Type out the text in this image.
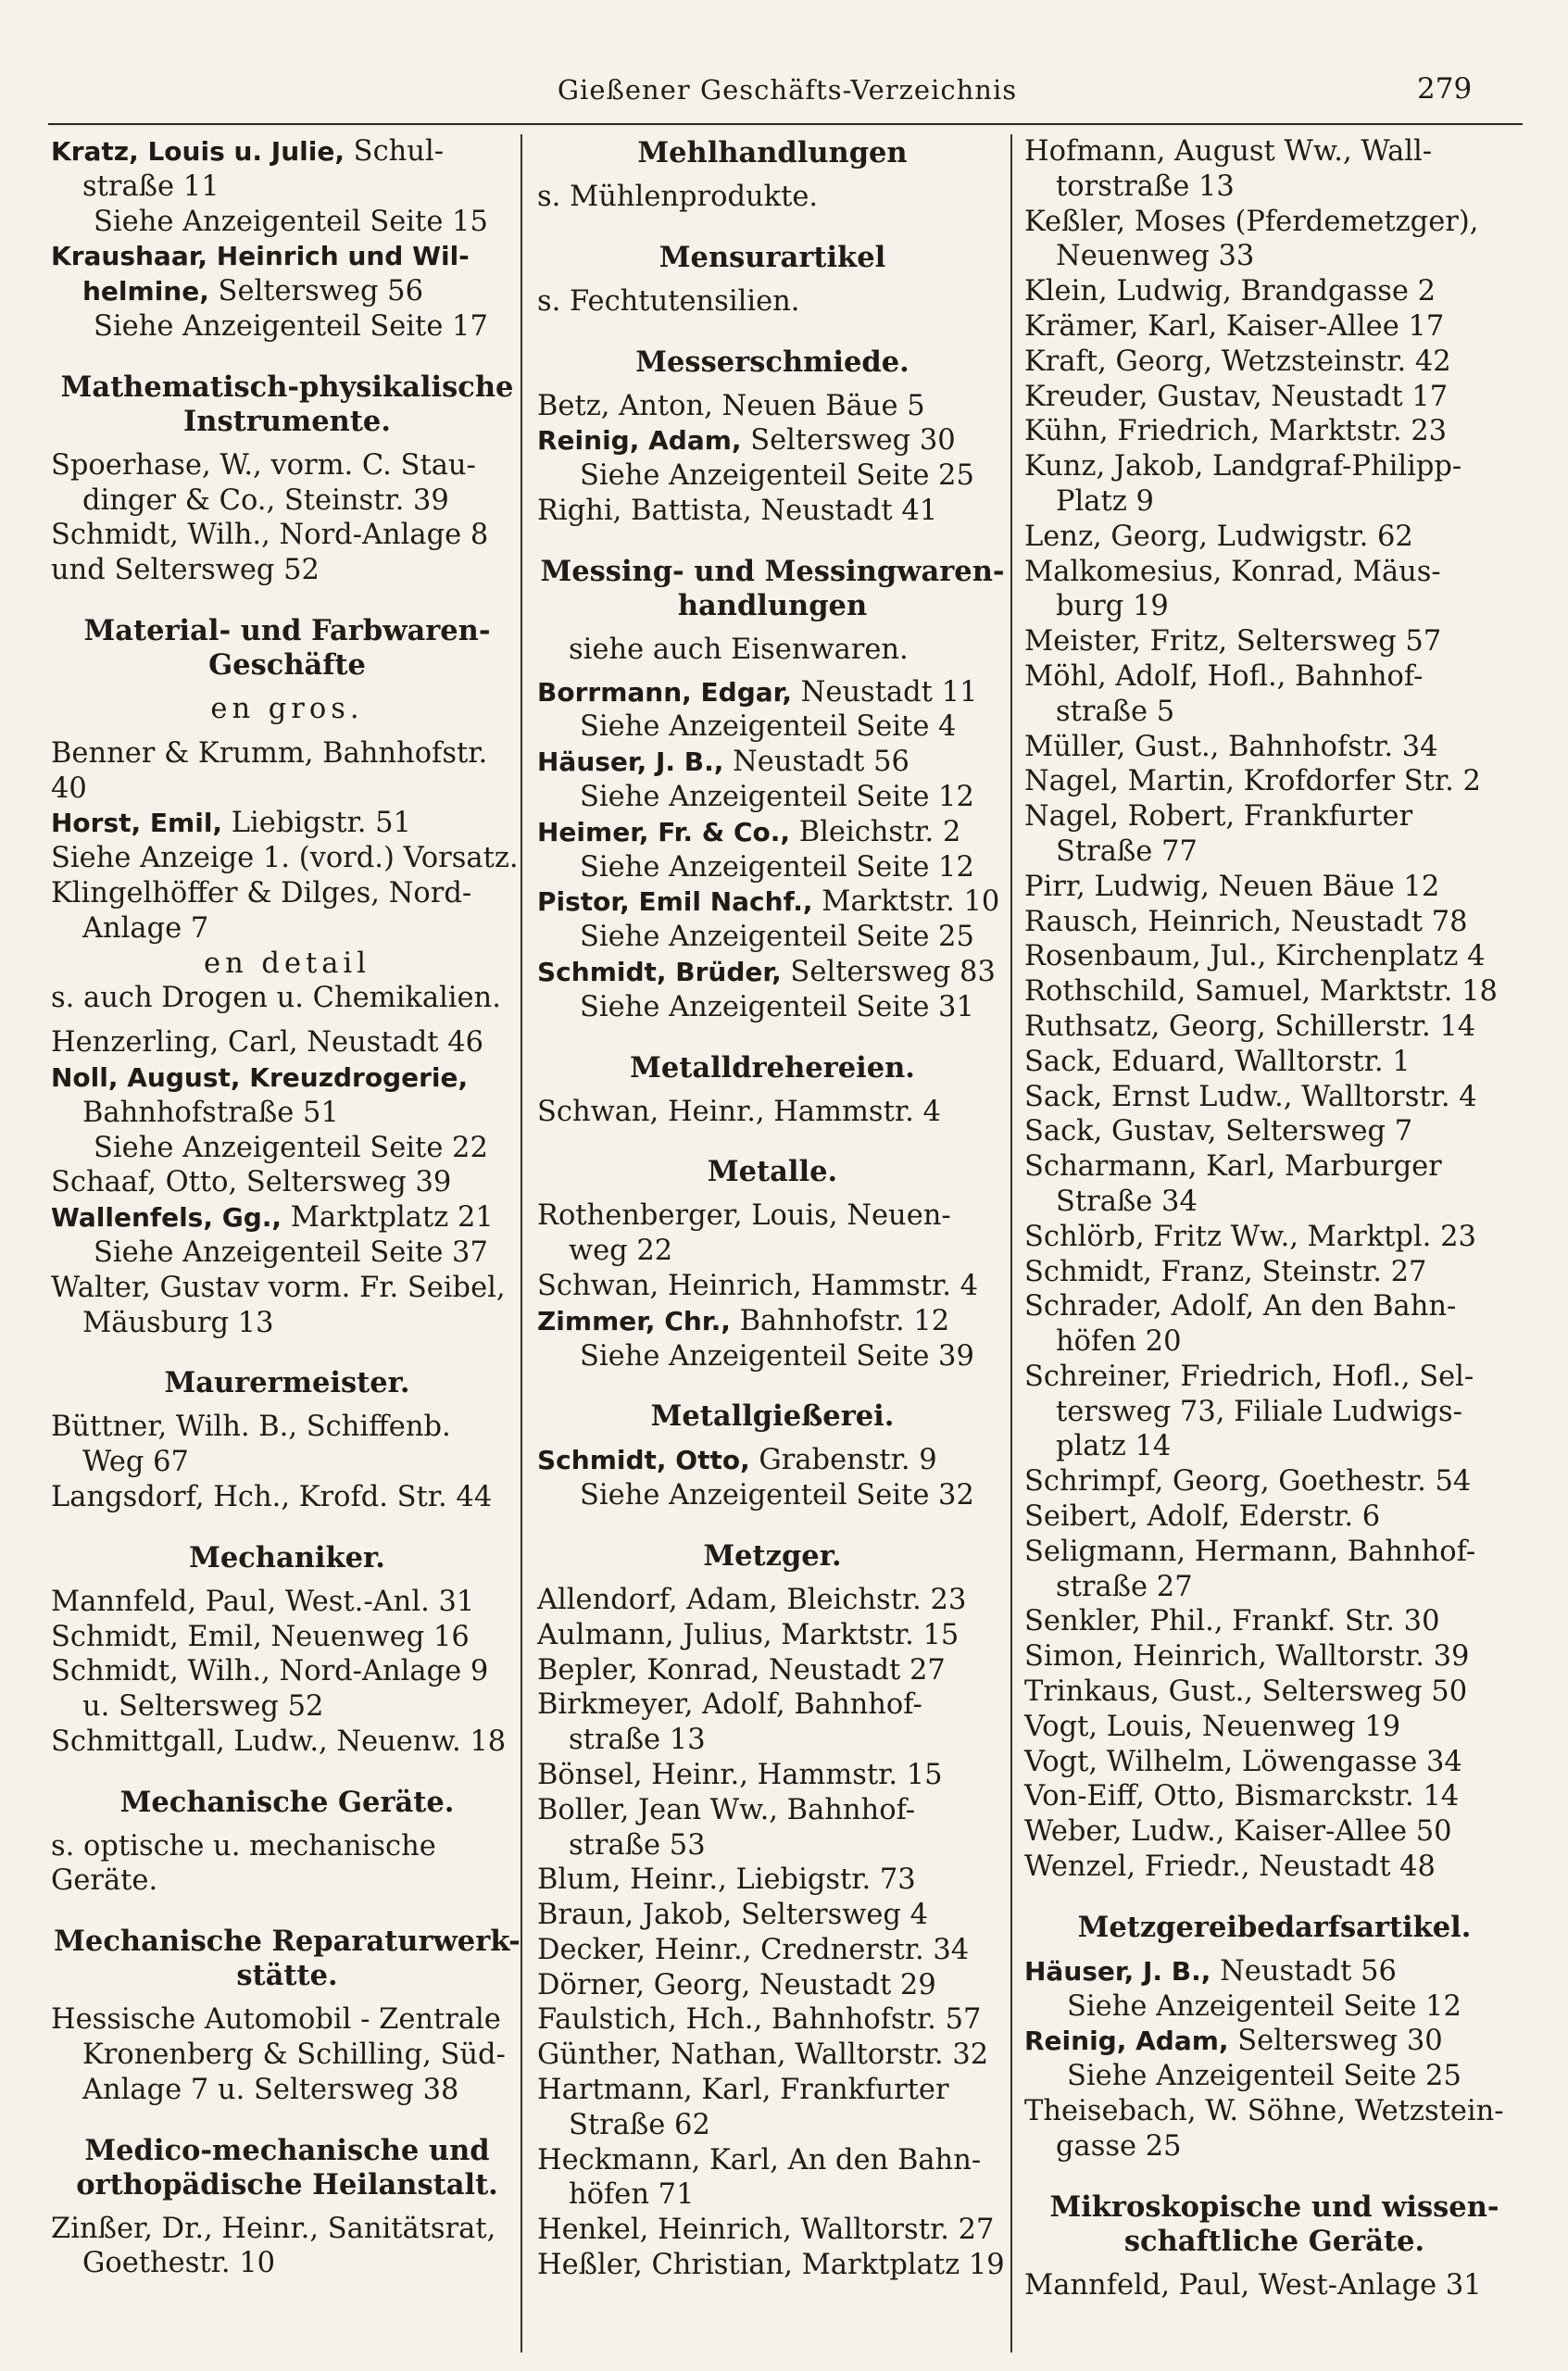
Gießener Geschäfts-Verzeichnis	279

Kratz, Louis u. Julie, Schul-
straße 11
Siehe Anzeigenteil Seite 15

Kraushaar, Heinrich und Wil-
helmine, Seltersweg 56
Siehe Anzeigenteil Seite 17

Mathematisch-physikalische Instrumente.

Spoerhase, W., vorm. C. Stau-
dinger & Co., Steinstr. 39

Schmidt, Wilh., Nord-Anlage 8
und Seltersweg 52

Material- und Farbwaren-Geschäfte
en gros.

Benner & Krumm, Bahnhofstr. 40

Horst, Emil, Liebigstr. 51
Siehe Anzeige 1. (vord.) Vorsatz.

Klingelhöffer & Dilges, Nord-
Anlage 7

en detail
s. auch Drogen u. Chemikalien.

Henzerling, Carl, Neustadt 46

Noll, August, Kreuzdrogerie,
Bahnhofstraße 51
Siehe Anzeigenteil Seite 22

Schaaf, Otto, Seltersweg 39

Wallenfels, Gg., Marktplatz 21
Siehe Anzeigenteil Seite 37

Walter, Gustav vorm. Fr. Seibel,
Mäusburg 13

Maurermeister.

Büttner, Wilh. B., Schiffenb.
Weg 67

Langsdorf, Hch., Krofd. Str. 44

Mechaniker.

Mannfeld, Paul, West.-Anl. 31

Schmidt, Emil, Neuenweg 16

Schmidt, Wilh., Nord-Anlage 9
u. Seltersweg 52

Schmittgall, Ludw., Neuenw. 18

Mechanische Geräte.
s. optische u. mechanische Geräte.
Mechanische Reparaturwerk-stätte.

Hessische Automobil - Zentrale
Kronenberg & Schilling, Süd-
Anlage 7 u. Seltersweg 38

Medico-mechanische und orthopädische Heilanstalt.

Zinßer, Dr., Heinr., Sanitätsrat,
Goethestr. 10

Mehlhandlungen
s. Mühlenprodukte.
Mensurartikel
s. Fechtutensilien.
Messerschmiede.

Betz, Anton, Neuen Bäue 5

Reinig, Adam, Seltersweg 30
Siehe Anzeigenteil Seite 25

Righi, Battista, Neustadt 41

Messing- und Messingwaren-handlungen
siehe auch Eisenwaren.

Borrmann, Edgar, Neustadt 11
Siehe Anzeigenteil Seite 4

Häuser, J. B., Neustadt 56
Siehe Anzeigenteil Seite 12

Heimer, Fr. & Co., Bleichstr. 2
Siehe Anzeigenteil Seite 12

Pistor, Emil Nachf., Marktstr. 10
Siehe Anzeigenteil Seite 25

Schmidt, Brüder, Seltersweg 83
Siehe Anzeigenteil Seite 31

Metalldrehereien.

Schwan, Heinr., Hammstr. 4

Metalle.

Rothenberger, Louis, Neuen-
weg 22

Schwan, Heinrich, Hammstr. 4

Zimmer, Chr., Bahnhofstr. 12
Siehe Anzeigenteil Seite 39

Metallgießerei.

Schmidt, Otto, Grabenstr. 9
Siehe Anzeigenteil Seite 32

Metzger.

Allendorf, Adam, Bleichstr. 23

Aulmann, Julius, Marktstr. 15

Bepler, Konrad, Neustadt 27

Birkmeyer, Adolf, Bahnhof-
straße 13

Bönsel, Heinr., Hammstr. 15

Boller, Jean Ww., Bahnhof-
straße 53

Blum, Heinr., Liebigstr. 73

Braun, Jakob, Seltersweg 4

Decker, Heinr., Crednerstr. 34

Dörner, Georg, Neustadt 29

Faulstich, Hch., Bahnhofstr. 57

Günther, Nathan, Walltorstr. 32

Hartmann, Karl, Frankfurter
Straße 62

Heckmann, Karl, An den Bahn-
höfen 71

Henkel, Heinrich, Walltorstr. 27

Heßler, Christian, Marktplatz 19

Hofmann, August Ww., Wall-
torstraße 13

Keßler, Moses (Pferdemetzger),
Neuenweg 33

Klein, Ludwig, Brandgasse 2

Krämer, Karl, Kaiser-Allee 17

Kraft, Georg, Wetzsteinstr. 42

Kreuder, Gustav, Neustadt 17

Kühn, Friedrich, Marktstr. 23

Kunz, Jakob, Landgraf-Philipp-
Platz 9

Lenz, Georg, Ludwigstr. 62

Malkomesius, Konrad, Mäus-
burg 19

Meister, Fritz, Seltersweg 57

Möhl, Adolf, Hofl., Bahnhof-
straße 5

Müller, Gust., Bahnhofstr. 34

Nagel, Martin, Krofdorfer Str. 2

Nagel, Robert, Frankfurter
Straße 77

Pirr, Ludwig, Neuen Bäue 12

Rausch, Heinrich, Neustadt 78

Rosenbaum, Jul., Kirchenplatz 4

Rothschild, Samuel, Marktstr. 18

Ruthsatz, Georg, Schillerstr. 14

Sack, Eduard, Walltorstr. 1

Sack, Ernst Ludw., Walltorstr. 4

Sack, Gustav, Seltersweg 7

Scharmann, Karl, Marburger
Straße 34

Schlörb, Fritz Ww., Marktpl. 23

Schmidt, Franz, Steinstr. 27

Schrader, Adolf, An den Bahn-
höfen 20

Schreiner, Friedrich, Hofl., Sel-
tersweg 73, Filiale Ludwigs-
platz 14

Schrimpf, Georg, Goethestr. 54

Seibert, Adolf, Ederstr. 6

Seligmann, Hermann, Bahnhof-
straße 27

Senkler, Phil., Frankf. Str. 30

Simon, Heinrich, Walltorstr. 39

Trinkaus, Gust., Seltersweg 50

Vogt, Louis, Neuenweg 19

Vogt, Wilhelm, Löwengasse 34

Von-Eiff, Otto, Bismarckstr. 14

Weber, Ludw., Kaiser-Allee 50

Wenzel, Friedr., Neustadt 48

Metzgereibedarfsartikel.

Häuser, J. B., Neustadt 56
Siehe Anzeigenteil Seite 12

Reinig, Adam, Seltersweg 30
Siehe Anzeigenteil Seite 25

Theisebach, W. Söhne, Wetzstein-
gasse 25

Mikroskopische und wissen-schaftliche Geräte.

Mannfeld, Paul, West-Anlage 31
